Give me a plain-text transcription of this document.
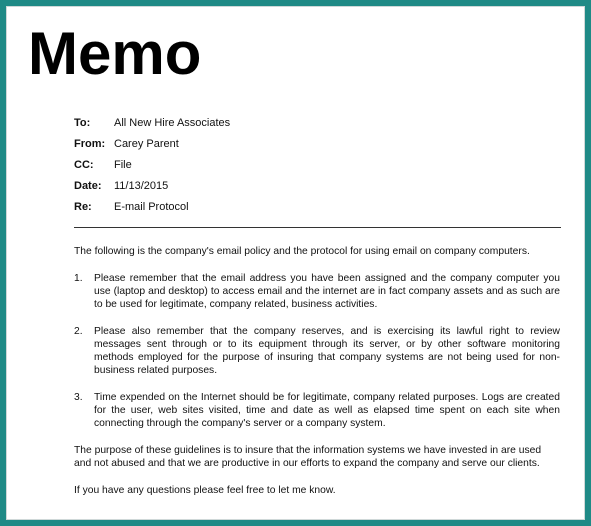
Memo
To:	All New Hire Associates
From: Carey Parent
CC:	File
Date:	11/13/2015
Re:	E-mail Protocol

The following is the company's email policy and the protocol for using email on company computers.

1.	Please remember that the email address you have been assigned and the company computer you use (laptop and desktop) to access email and the internet are in fact company assets and as such are to be used for legitimate, company related, business activities.
2.	Please also remember that the company reserves, and is exercising its lawful right to review messages sent through or to its equipment through its server, or by other software monitoring methods employed for the purpose of insuring that company systems are not being used for non-business related purposes.
3.	Time expended on the Internet should be for legitimate, company related purposes. Logs are created for the user, web sites visited, time and date as well as elapsed time spent on each site when connecting through the company's server or a company system.

The purpose of these guidelines is to insure that the information systems we have invested in are used and not abused and that we are productive in our efforts to expand the company and serve our clients.

If you have any questions please feel free to let me know.
